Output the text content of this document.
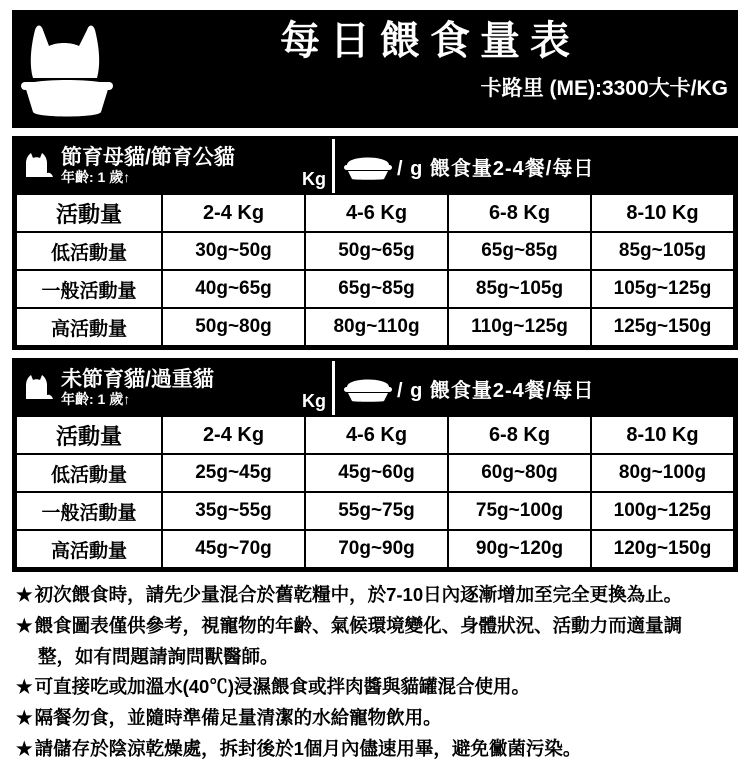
每日餵食量表
卡路里 (ME):3300大卡/KG
節育母貓/節育公貓
年齡: 1 歲↑	Kg	/ g 餵食量2-4餐/每日
活動量	2-4 Kg	4-6 Kg	6-8 Kg	8-10 Kg
低活動量	30g~50g	50g~65g	65g~85g	85g~105g
一般活動量	40g~65g	65g~85g	85g~105g	105g~125g
高活動量	50g~80g	80g~110g	110g~125g	125g~150g
未節育貓/過重貓
年齡: 1 歲↑	Kg	/ g 餵食量2-4餐/每日
活動量	2-4 Kg	4-6 Kg	6-8 Kg	8-10 Kg
低活動量	25g~45g	45g~60g	60g~80g	80g~100g
一般活動量	35g~55g	55g~75g	75g~100g	100g~125g
高活動量	45g~70g	70g~90g	90g~120g	120g~150g
★ 初次餵食時，請先少量混合於舊乾糧中，於7-10日內逐漸增加至完全更換為止。
★ 餵食圖表僅供參考，視寵物的年齡、氣候環境變化、身體狀況、活動力而適量調
整，如有問題請詢問獸醫師。
★ 可直接吃或加溫水(40℃)浸濕餵食或拌肉醬與貓罐混合使用。
★ 隔餐勿食，並隨時準備足量清潔的水給寵物飲用。
★ 請儲存於陰涼乾燥處，拆封後於1個月內儘速用畢，避免黴菌污染。
